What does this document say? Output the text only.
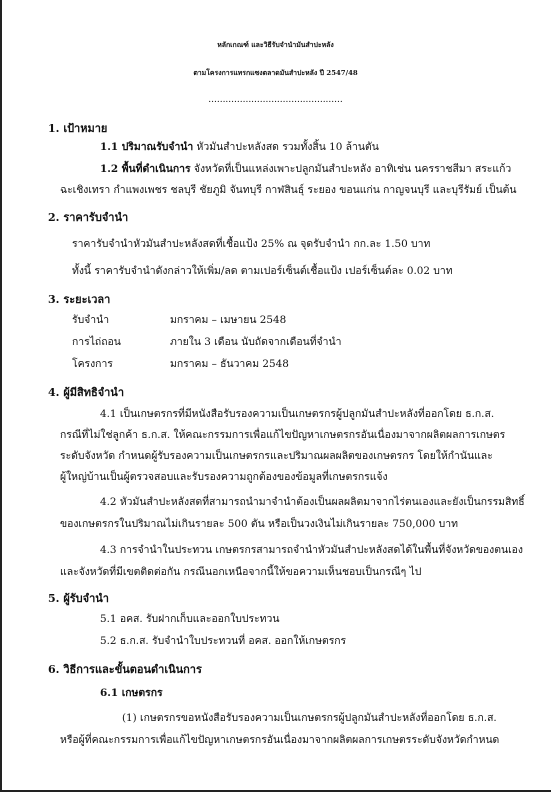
หลักเกณฑ์ และวิธีรับจำนำมันสำปะหลัง
ตามโครงการแทรกแซงตลาดมันสำปะหลัง ปี 2547/48
...............................................
1. เป้าหมาย
1.1 ปริมาณรับจำนำ หัวมันสำปะหลังสด รวมทั้งสิ้น 10 ล้านตัน
1.2 พื้นที่ดำเนินการ จังหวัดที่เป็นแหล่งเพาะปลูกมันสำปะหลัง อาทิเช่น นครราชสีมา สระแก้ว
ฉะเชิงเทรา กำแพงเพชร ชลบุรี ชัยภูมิ จันทบุรี กาฬสินธุ์ ระยอง ขอนแก่น กาญจนบุรี และบุรีรัมย์ เป็นต้น
2. ราคารับจำนำ
ราคารับจำนำหัวมันสำปะหลังสดที่เชื้อแป้ง 25% ณ จุดรับจำนำ กก.ละ 1.50 บาท
ทั้งนี้ ราคารับจำนำดังกล่าวให้เพิ่ม/ลด ตามเปอร์เซ็นต์เชื้อแป้ง เปอร์เซ็นต์ละ 0.02 บาท
3. ระยะเวลา
รับจำนำ	มกราคม – เมษายน 2548
การไถ่ถอน	ภายใน 3 เดือน นับถัดจากเดือนที่จำนำ
โครงการ	มกราคม – ธันวาคม 2548
4. ผู้มีสิทธิจำนำ
4.1 เป็นเกษตรกรที่มีหนังสือรับรองความเป็นเกษตรกรผู้ปลูกมันสำปะหลังที่ออกโดย ธ.ก.ส.
กรณีที่ไม่ใช่ลูกค้า ธ.ก.ส. ให้คณะกรรมการเพื่อแก้ไขปัญหาเกษตรกรอันเนื่องมาจากผลิตผลการเกษตร
ระดับจังหวัด กำหนดผู้รับรองความเป็นเกษตรกรและปริมาณผลผลิตของเกษตรกร โดยให้กำนันและ
ผู้ใหญ่บ้านเป็นผู้ตรวจสอบและรับรองความถูกต้องของข้อมูลที่เกษตรกรแจ้ง
4.2 หัวมันสำปะหลังสดที่สามารถนำมาจำนำต้องเป็นผลผลิตมาจากไร่ตนเองและยังเป็นกรรมสิทธิ์
ของเกษตรกรในปริมาณไม่เกินรายละ 500 ตัน หรือเป็นวงเงินไม่เกินรายละ 750,000 บาท
4.3 การจำนำในประทวน เกษตรกรสามารถจำนำหัวมันสำปะหลังสดได้ในพื้นที่จังหวัดของตนเอง
และจังหวัดที่มีเขตติดต่อกัน กรณีนอกเหนือจากนี้ให้ขอความเห็นชอบเป็นกรณีๆ ไป
5. ผู้รับจำนำ
5.1 อคส. รับฝากเก็บและออกใบประทวน
5.2 ธ.ก.ส. รับจำนำใบประทวนที่ อคส. ออกให้เกษตรกร
6. วิธีการและขั้นตอนดำเนินการ
6.1 เกษตรกร
(1) เกษตรกรขอหนังสือรับรองความเป็นเกษตรกรผู้ปลูกมันสำปะหลังที่ออกโดย ธ.ก.ส.
หรือผู้ที่คณะกรรมการเพื่อแก้ไขปัญหาเกษตรกรอันเนื่องมาจากผลิตผลการเกษตรระดับจังหวัดกำหนด
